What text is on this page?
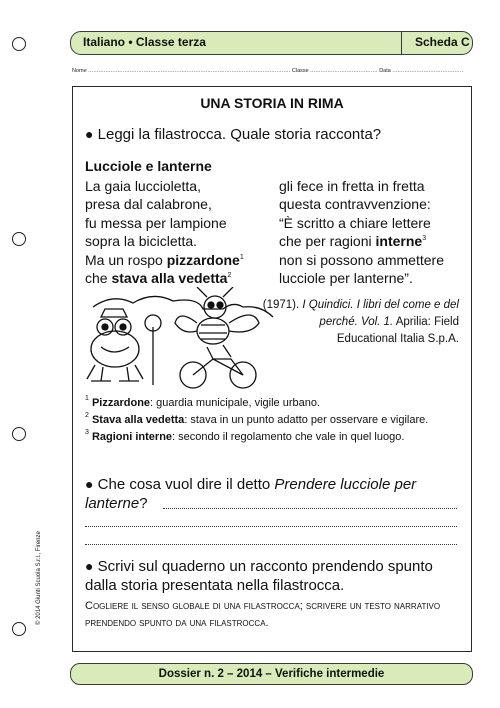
Italiano • Classe terza	Scheda C
Nome ..................................................................................................................... Classe ....................................... Data .........................................
UNA STORIA IN RIMA
● Leggi la filastrocca. Quale storia racconta?
Lucciole e lanterne
La gaia luccioletta,
presa dal calabrone,
fu messa per lampione
sopra la bicicletta.
Ma un rospo pizzardone$^1$
che stava alla vedetta$^2$
gli fece in fretta in fretta
questa contravvenzione:
“È scritto a chiare lettere
che per ragioni interne$^3$
non si possono ammettere
lucciole per lanterne”.
(1971). I Quindici. I libri del come e del perché. Vol. 1. Aprilia: Field Educational Italia S.p.A.
$^1$ Pizzardone: guardia municipale, vigile urbano.
$^2$ Stava alla vedetta: stava in un punto adatto per osservare e vigilare.
$^3$ Ragioni interne: secondo il regolamento che vale in quel luogo.
● Che cosa vuol dire il detto Prendere lucciole per lanterne?
● Scrivi sul quaderno un racconto prendendo spunto dalla storia presentata nella filastrocca.
Cogliere il senso globale di una filastrocca; scrivere un testo narrativo prendendo spunto da una filastrocca.
© 2014 Giunti Scuola S.r.l., Firenze
Dossier n. 2 – 2014 – Verifiche intermedie
